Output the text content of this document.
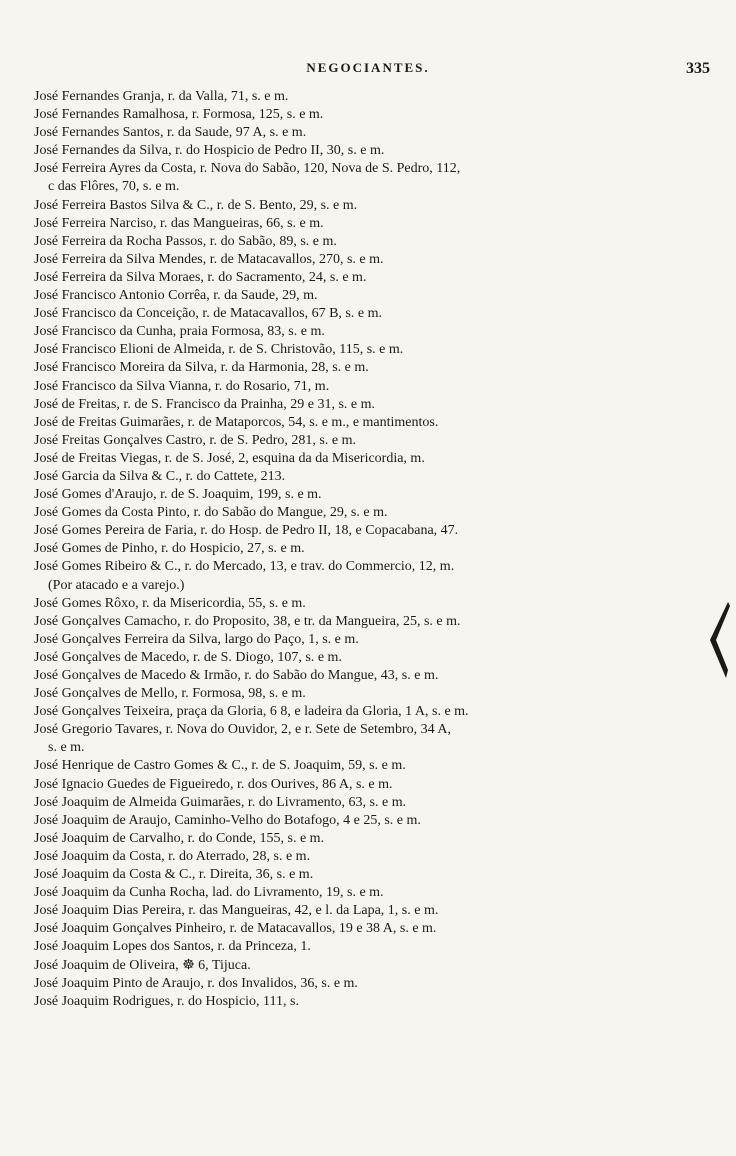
NEGOCIANTES.	335
José Fernandes Granja, r. da Valla, 71, s. e m.
José Fernandes Ramalhosa, r. Formosa, 125, s. e m.
José Fernandes Santos, r. da Saude, 97 A, s. e m.
José Fernandes da Silva, r. do Hospicio de Pedro II, 30, s. e m.
José Ferreira Ayres da Costa, r. Nova do Sabão, 120, Nova de S. Pedro, 112,
c das Flôres, 70, s. e m.
José Ferreira Bastos Silva & C., r. de S. Bento, 29, s. e m.
José Ferreira Narciso, r. das Mangueiras, 66, s. e m.
José Ferreira da Rocha Passos, r. do Sabão, 89, s. e m.
José Ferreira da Silva Mendes, r. de Matacavallos, 270, s. e m.
José Ferreira da Silva Moraes, r. do Sacramento, 24, s. e m.
José Francisco Antonio Corrêa, r. da Saude, 29, m.
José Francisco da Conceição, r. de Matacavallos, 67 B, s. e m.
José Francisco da Cunha, praia Formosa, 83, s. e m.
José Francisco Elioni de Almeida, r. de S. Christovão, 115, s. e m.
José Francisco Moreira da Silva, r. da Harmonia, 28, s. e m.
José Francisco da Silva Vianna, r. do Rosario, 71, m.
José de Freitas, r. de S. Francisco da Prainha, 29 e 31, s. e m.
José de Freitas Guimarães, r. de Mataporcos, 54, s. e m., e mantimentos.
José Freitas Gonçalves Castro, r. de S. Pedro, 281, s. e m.
José de Freitas Viegas, r. de S. José, 2, esquina da da Misericordia, m.
José Garcia da Silva & C., r. do Cattete, 213.
José Gomes d'Araujo, r. de S. Joaquim, 199, s. e m.
José Gomes da Costa Pinto, r. do Sabão do Mangue, 29, s. e m.
José Gomes Pereira de Faria, r. do Hosp. de Pedro II, 18, e Copacabana, 47.
José Gomes de Pinho, r. do Hospicio, 27, s. e m.
José Gomes Ribeiro & C., r. do Mercado, 13, e trav. do Commercio, 12, m.
(Por atacado e a varejo.)
José Gomes Rôxo, r. da Misericordia, 55, s. e m.
José Gonçalves Camacho, r. do Proposito, 38, e tr. da Mangueira, 25, s. e m.
José Gonçalves Ferreira da Silva, largo do Paço, 1, s. e m.
José Gonçalves de Macedo, r. de S. Diogo, 107, s. e m.
José Gonçalves de Macedo & Irmão, r. do Sabão do Mangue, 43, s. e m.
José Gonçalves de Mello, r. Formosa, 98, s. e m.
José Gonçalves Teixeira, praça da Gloria, 6 8, e ladeira da Gloria, 1 A, s. e m.
José Gregorio Tavares, r. Nova do Ouvidor, 2, e r. Sete de Setembro, 34 A,
s. e m.
José Henrique de Castro Gomes & C., r. de S. Joaquim, 59, s. e m.
José Ignacio Guedes de Figueiredo, r. dos Ourives, 86 A, s. e m.
José Joaquim de Almeida Guimarães, r. do Livramento, 63, s. e m.
José Joaquim de Araujo, Caminho-Velho do Botafogo, 4 e 25, s. e m.
José Joaquim de Carvalho, r. do Conde, 155, s. e m.
José Joaquim da Costa, r. do Aterrado, 28, s. e m.
José Joaquim da Costa & C., r. Direita, 36, s. e m.
José Joaquim da Cunha Rocha, lad. do Livramento, 19, s. e m.
José Joaquim Dias Pereira, r. das Mangueiras, 42, e l. da Lapa, 1, s. e m.
José Joaquim Gonçalves Pinheiro, r. de Matacavallos, 19 e 38 A, s. e m.
José Joaquim Lopes dos Santos, r. da Princeza, 1.
José Joaquim de Oliveira, ☸ 6, Tijuca.
José Joaquim Pinto de Araujo, r. dos Invalidos, 36, s. e m.
José Joaquim Rodrigues, r. do Hospicio, 111, s.
